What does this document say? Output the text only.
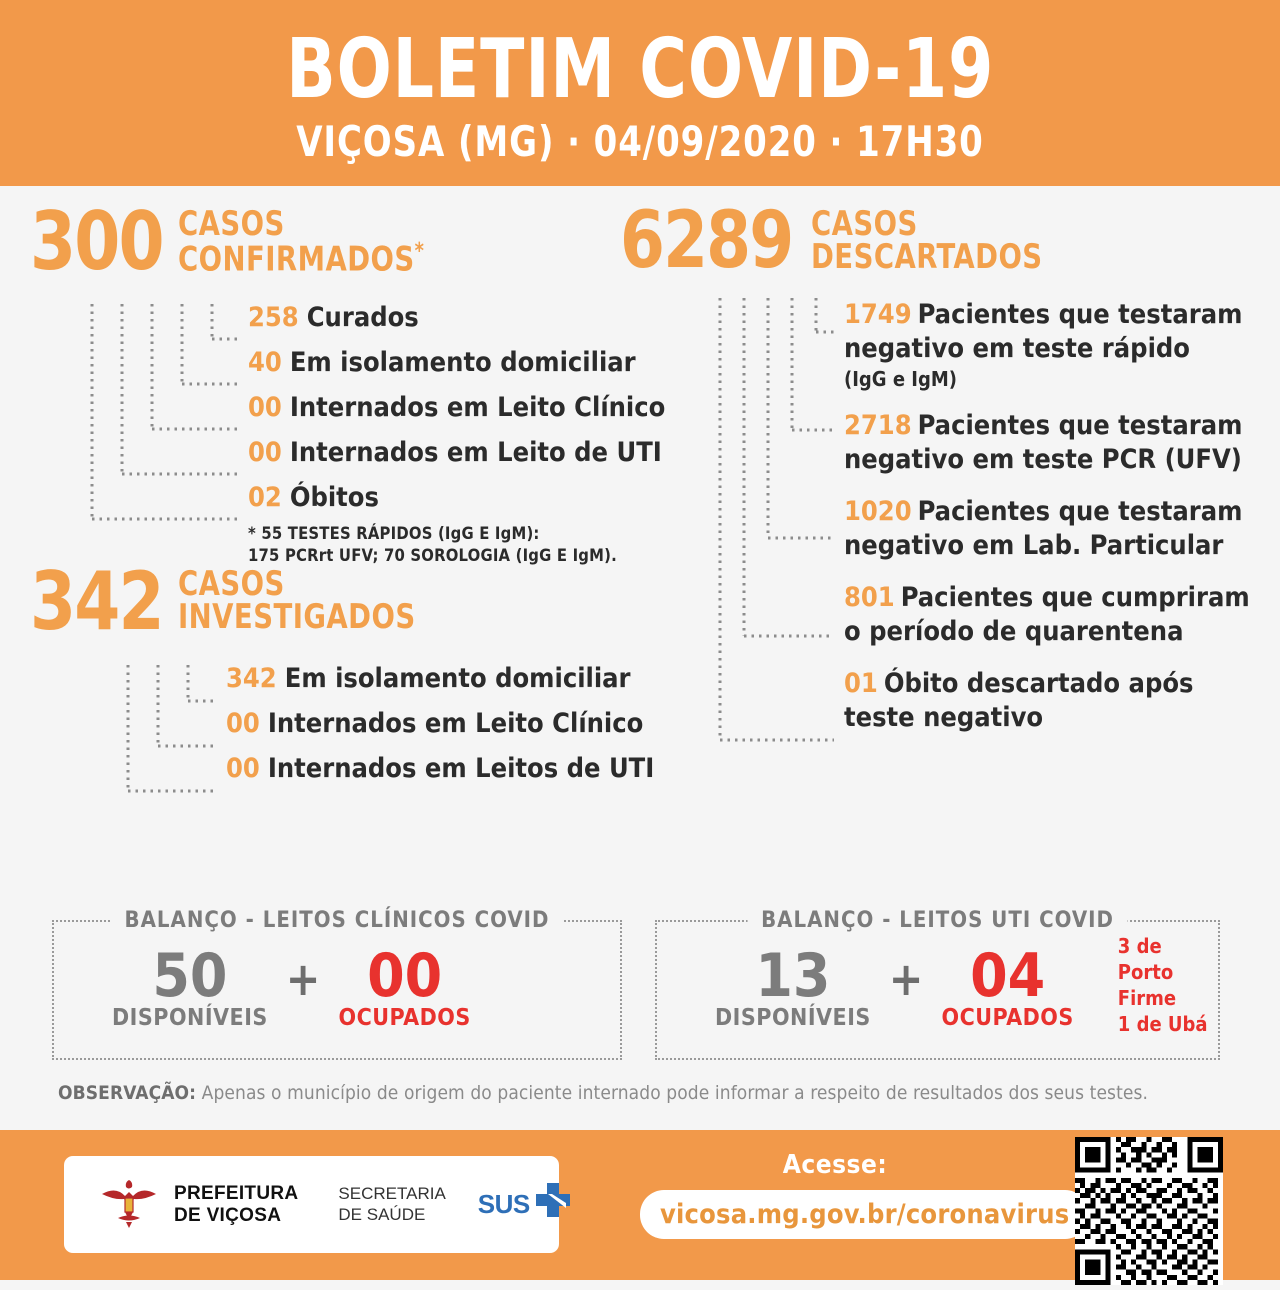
BOLETIM COVID-19
VIÇOSA (MG) · 04/09/2020 · 17H30
300 CASOS
CONFIRMADOS*
258 Curados
40 Em isolamento domiciliar
00 Internados em Leito Clínico
00 Internados em Leito de UTI
02 Óbitos
* 55 TESTES RÁPIDOS (IgG E IgM):
175 PCRrt UFV; 70 SOROLOGIA (IgG E IgM).
342 CASOS
INVESTIGADOS
342 Em isolamento domiciliar
00 Internados em Leito Clínico
00 Internados em Leitos de UTI
6289 CASOS
DESCARTADOS
1749 Pacientes que testaram negativo em teste rápido
(IgG e IgM)
2718 Pacientes que testaram negativo em teste PCR (UFV)
1020 Pacientes que testaram negativo em Lab. Particular
801 Pacientes que cumpriram o período de quarentena
01 Óbito descartado após teste negativo
BALANÇO - LEITOS CLÍNICOS COVID
50
DISPONÍVEIS
+ 00
OCUPADOS
BALANÇO - LEITOS UTI COVID
13
DISPONÍVEIS
+ 04
OCUPADOS
3 de Porto Firme
1 de Ubá
OBSERVAÇÃO: Apenas o município de origem do paciente internado pode informar a respeito de resultados dos seus testes.
PREFEITURA
DE VIÇOSA
SECRETARIA
DE SAÚDE	SUS
Acesse:
vicosa.mg.gov.br/coronavirus
